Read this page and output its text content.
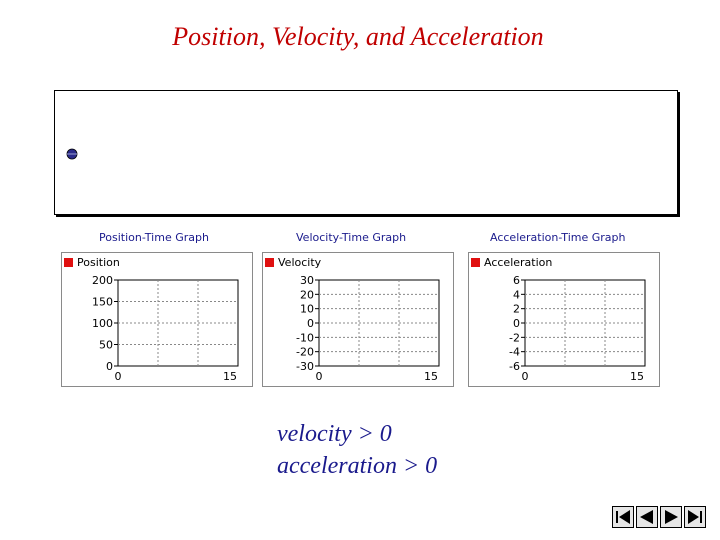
Position, Velocity, and Acceleration
Position-Time Graph	Velocity-Time Graph	Acceleration-Time Graph
Position
200
150
100
50
0
0	15
Velocity
30
20
10
0
-10
-20
-30
0	15
Acceleration
6
4
2
0
-2
-4
-6
0	15
velocity > 0
acceleration > 0
